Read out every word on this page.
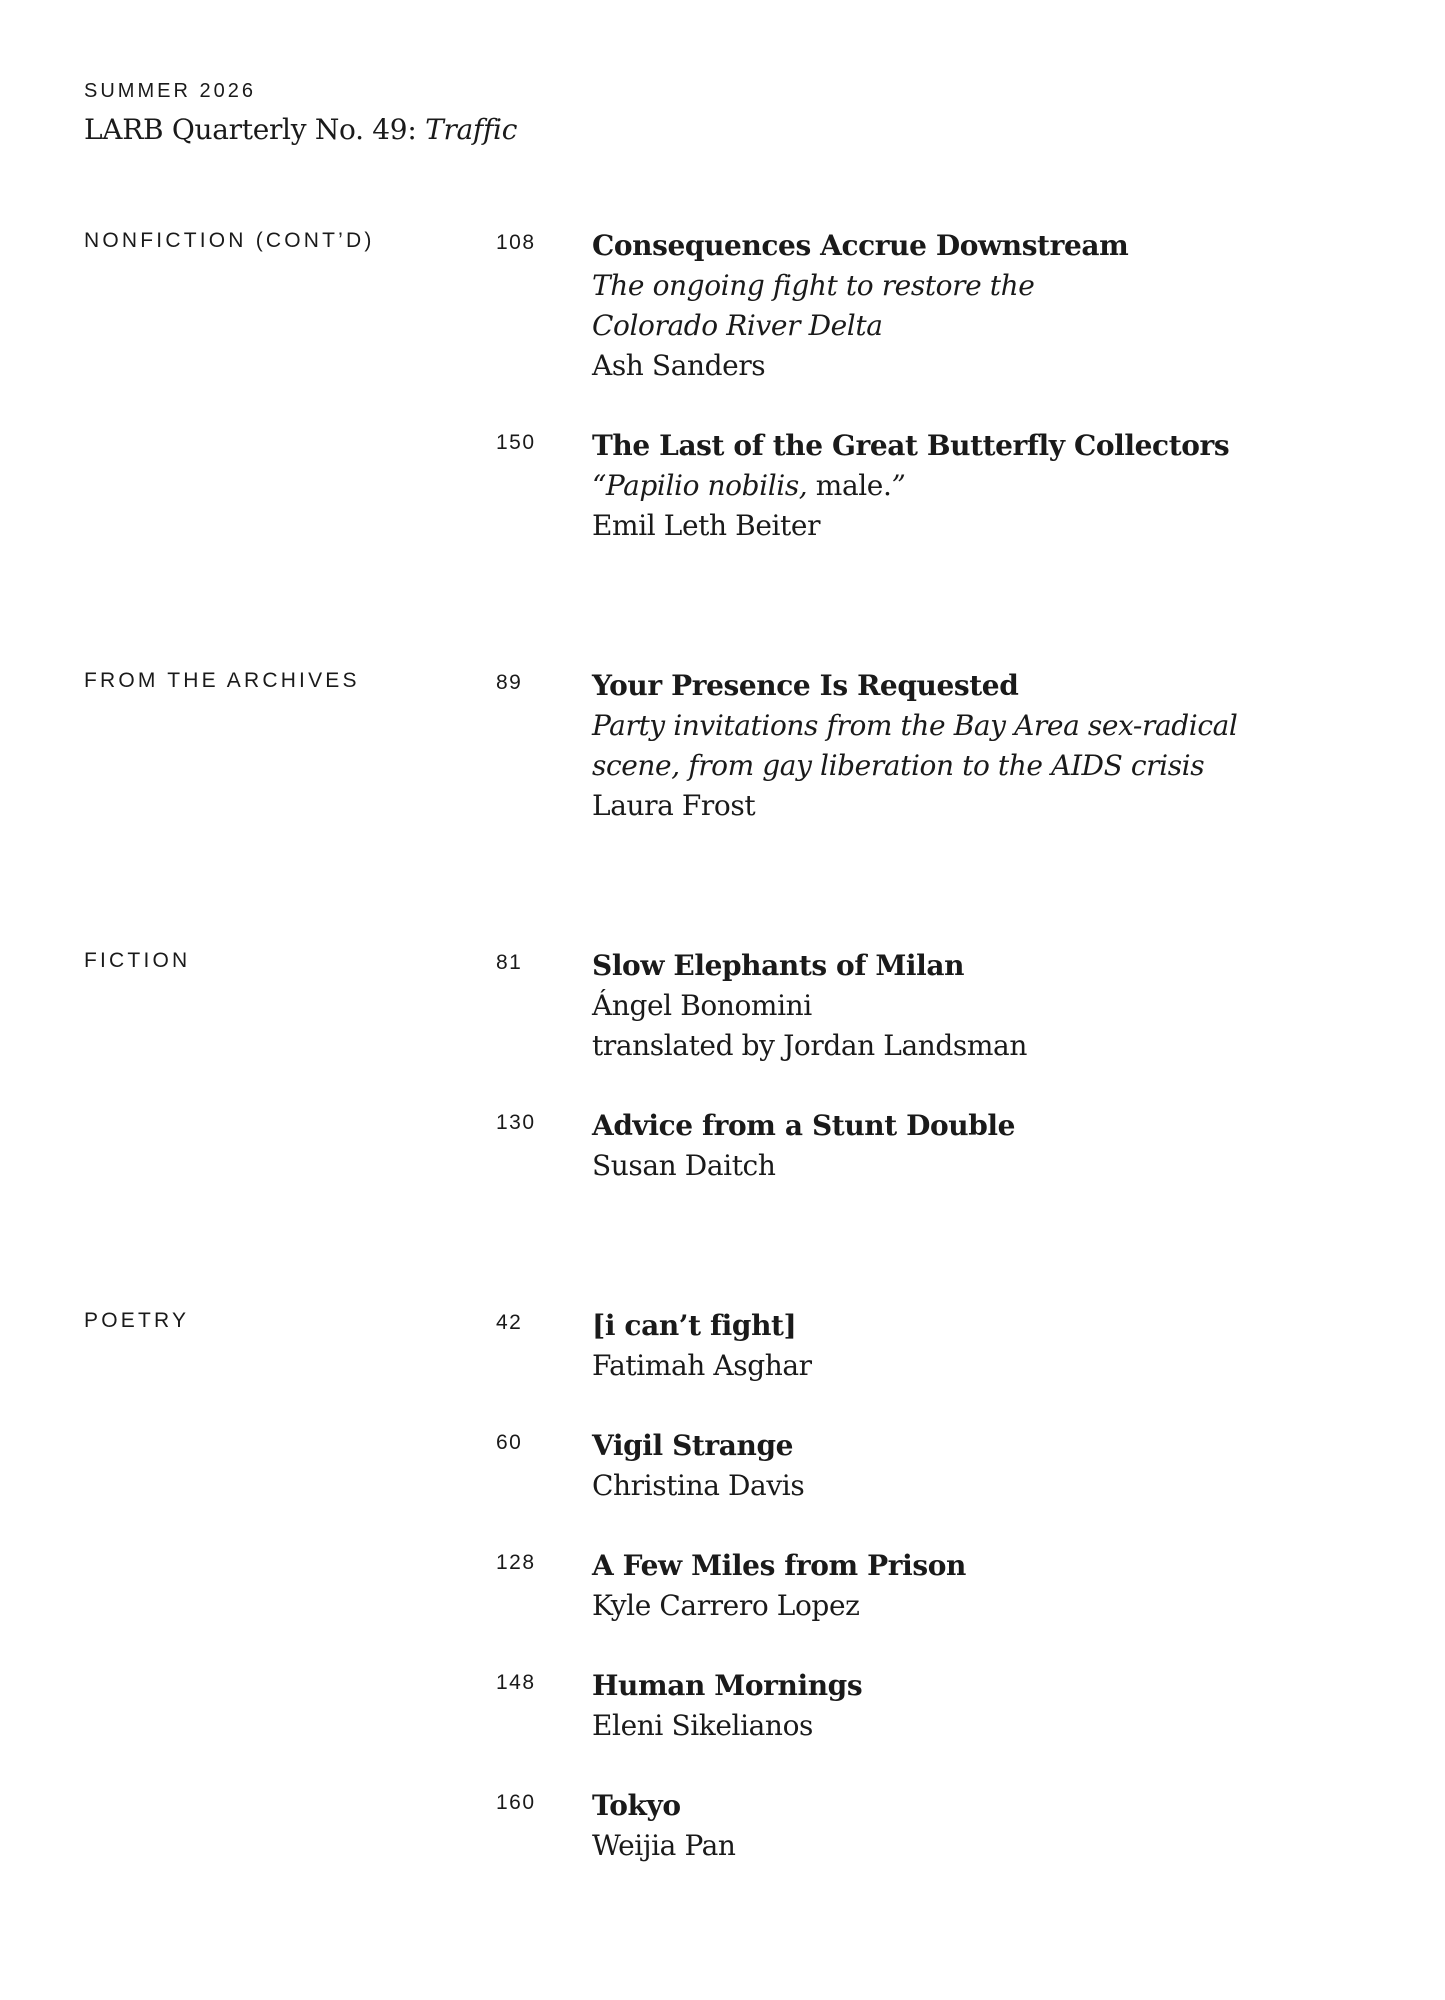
SUMMER 2026
LARB Quarterly No. 49: Traffic
NONFICTION (CONT’D)	108 Consequences Accrue Downstream
The ongoing fight to restore the
Colorado River Delta
Ash Sanders
150 The Last of the Great Butterfly Collectors
“Papilio nobilis, male.”
Emil Leth Beiter
FROM THE ARCHIVES	89 Your Presence Is Requested
Party invitations from the Bay Area sex-radical
scene, from gay liberation to the AIDS crisis
Laura Frost
FICTION	81 Slow Elephants of Milan
Ángel Bonomini
translated by Jordan Landsman
130 Advice from a Stunt Double
Susan Daitch
POETRY	42 [i can’t fight]
Fatimah Asghar
60 Vigil Strange
Christina Davis
128 A Few Miles from Prison
Kyle Carrero Lopez
148 Human Mornings
Eleni Sikelianos
160 Tokyo
Weijia Pan
